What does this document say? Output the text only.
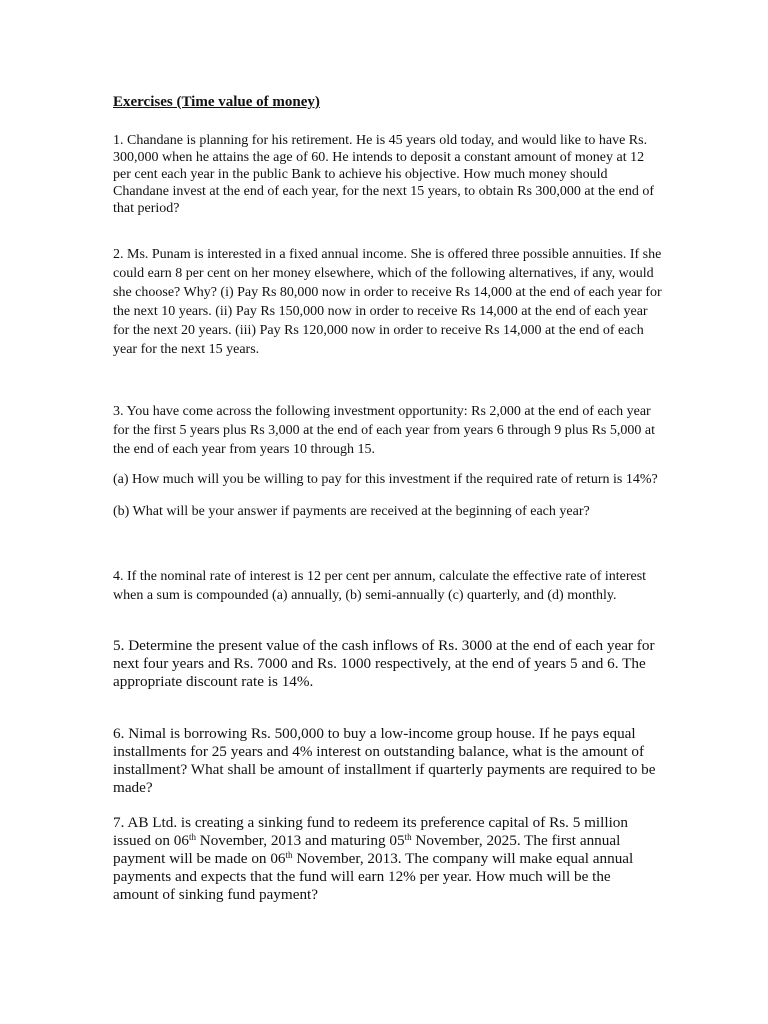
Exercises (Time value of money)

1. Chandane is planning for his retirement. He is 45 years old today, and would like to have Rs.
300,000 when he attains the age of 60. He intends to deposit a constant amount of money at 12
per cent each year in the public Bank to achieve his objective. How much money should
Chandane invest at the end of each year, for the next 15 years, to obtain Rs 300,000 at the end of
that period?

2. Ms. Punam is interested in a fixed annual income. She is offered three possible annuities. If she
could earn 8 per cent on her money elsewhere, which of the following alternatives, if any, would
she choose? Why? (i) Pay Rs 80,000 now in order to receive Rs 14,000 at the end of each year for
the next 10 years. (ii) Pay Rs 150,000 now in order to receive Rs 14,000 at the end of each year
for the next 20 years. (iii) Pay Rs 120,000 now in order to receive Rs 14,000 at the end of each
year for the next 15 years.

3. You have come across the following investment opportunity: Rs 2,000 at the end of each year
for the first 5 years plus Rs 3,000 at the end of each year from years 6 through 9 plus Rs 5,000 at
the end of each year from years 10 through 15.

(a) How much will you be willing to pay for this investment if the required rate of return is 14%?

(b) What will be your answer if payments are received at the beginning of each year?

4. If the nominal rate of interest is 12 per cent per annum, calculate the effective rate of interest
when a sum is compounded (a) annually, (b) semi-annually (c) quarterly, and (d) monthly.

5. Determine the present value of the cash inflows of Rs. 3000 at the end of each year for
next four years and Rs. 7000 and Rs. 1000 respectively, at the end of years 5 and 6. The
appropriate discount rate is 14%.

6. Nimal is borrowing Rs. 500,000 to buy a low-income group house. If he pays equal
installments for 25 years and 4% interest on outstanding balance, what is the amount of
installment? What shall be amount of installment if quarterly payments are required to be
made?

7. AB Ltd. is creating a sinking fund to redeem its preference capital of Rs. 5 million
issued on 06th November, 2013 and maturing 05th November, 2025. The first annual
payment will be made on 06th November, 2013. The company will make equal annual
payments and expects that the fund will earn 12% per year. How much will be the
amount of sinking fund payment?
